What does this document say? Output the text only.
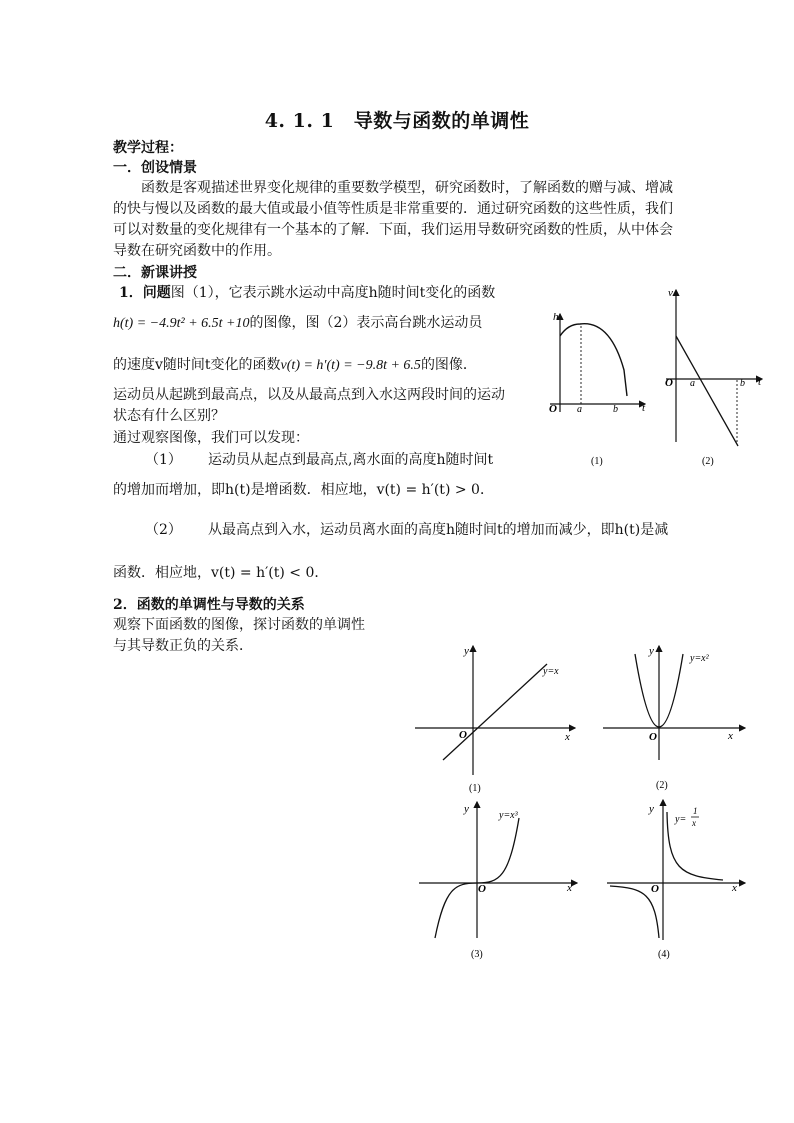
4. 1. 1　导数与函数的单调性
教学过程：
一．创设情景
函数是客观描述世界变化规律的重要数学模型，研究函数时，了解函数的赠与减、增减的快与慢以及函数的最大值或最小值等性质是非常重要的．通过研究函数的这些性质，我们可以对数量的变化规律有一个基本的了解．下面，我们运用导数研究函数的性质，从中体会导数在研究函数中的作用。
二．新课讲授
1．问题图（1），它表示跳水运动中高度h随时间t变化的函数
h(t) = −4.9t² + 6.5t +10的图像，图（2）表示高台跳水运动员
的速度v随时间t变化的函数v(t) = h′(t) = −9.8t + 6.5的图像．
运动员从起跳到最高点，以及从最高点到入水这两段时间的运动状态有什么区别？
通过观察图像，我们可以发现：
（1） 运动员从起点到最高点,离水面的高度h随时间t
的增加而增加，即h(t)是增函数．相应地，v(t) = h′(t) > 0．
（2） 从最高点到入水，运动员离水面的高度h随时间t的增加而减少，即h(t)是减
函数．相应地，v(t) = h′(t) < 0．
2．函数的单调性与导数的关系
观察下面函数的图像，探讨函数的单调性
与其导数正负的关系．
h
t
O a	b
(1)
v
t
O a	b
(2)
y=x
x
y
O
(1)
y=x²
x
y
O
(2)
y=x³
x
y
O
(3)
y=
1
x
x
y
O
(4)
